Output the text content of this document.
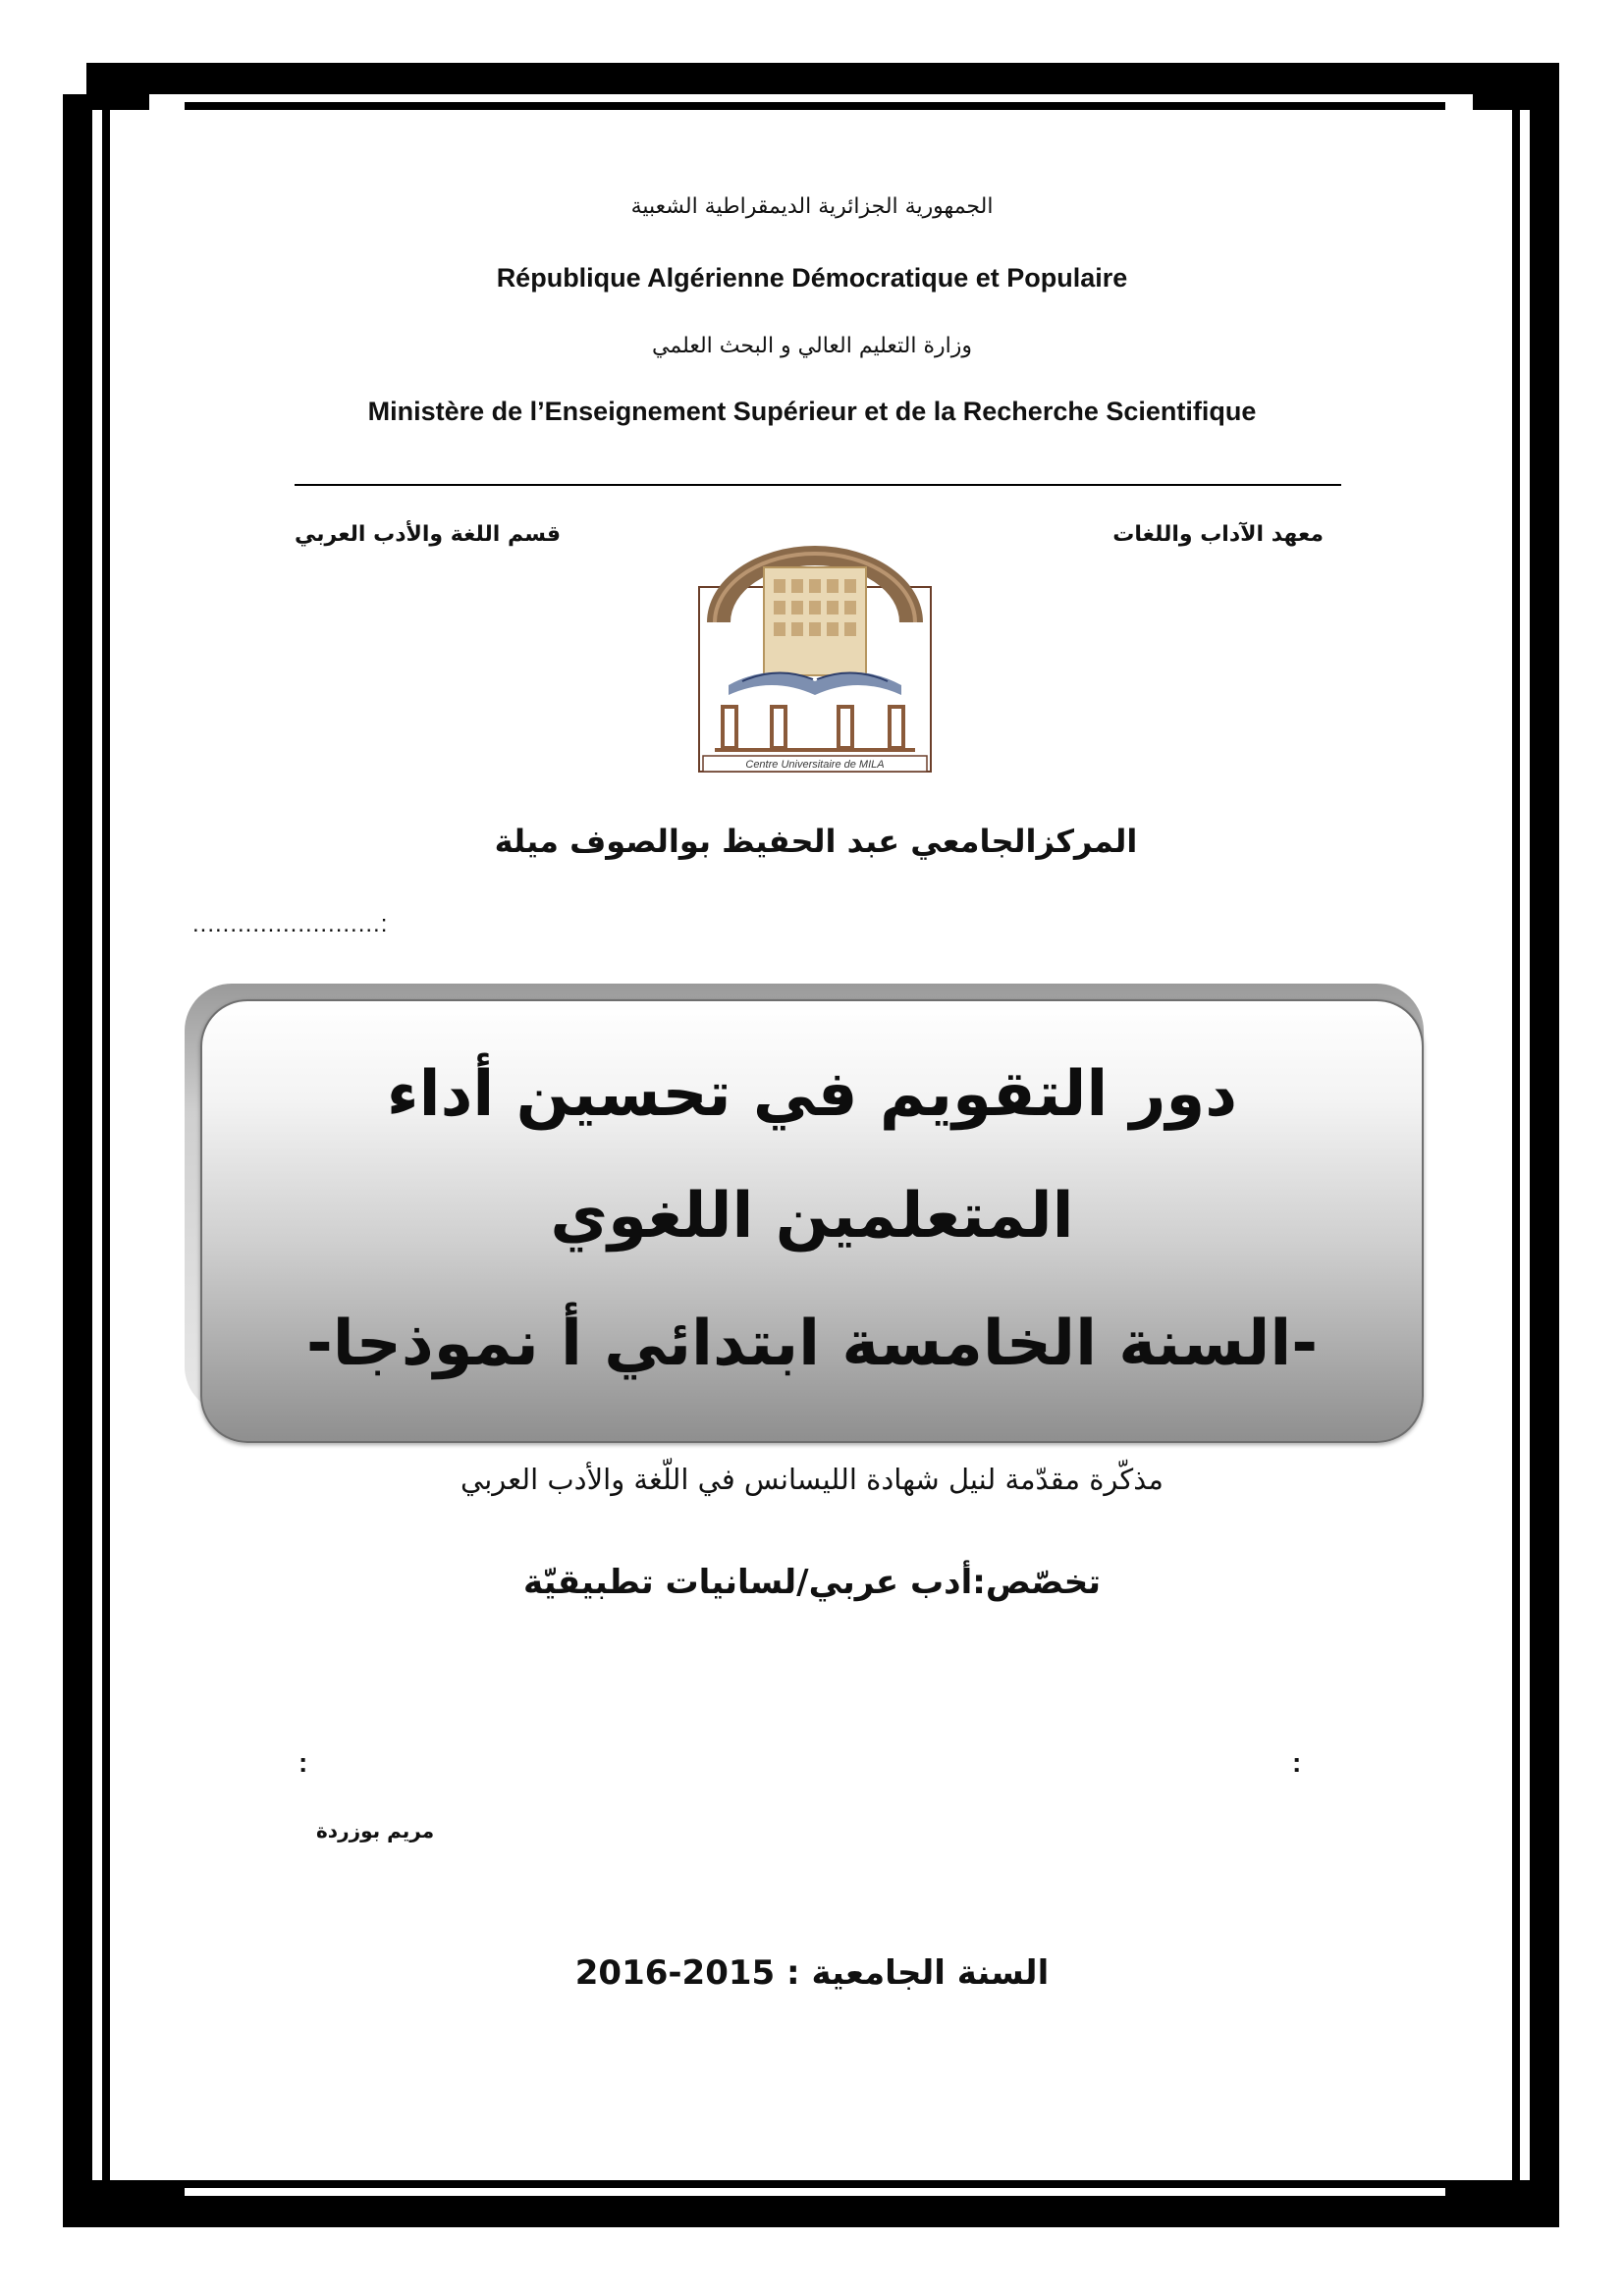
الجمهورية الجزائرية الديمقراطية الشعبية
République Algérienne Démocratique et Populaire
وزارة التعليم العالي و البحث العلمي
Ministère de l’Enseignement Supérieur et de la Recherche Scientifique
معهد الآداب واللغات
قسم اللغة والأدب العربي
Centre Universitaire de MILA
المركزالجامعي عبد الحفيظ بوالصوف ميلة
.........................:
دور التقويم في تحسين أداء
المتعلمين اللغوي
-السنة الخامسة ابتدائي أ نموذجا-
مذكّرة مقدّمة لنيل شهادة الليسانس في اللّغة والأدب العربي
تخصّص:أدب عربي/لسانيات تطبيقيّة
:
:
مريم بوزردة
السنة الجامعية : 2015-2016
